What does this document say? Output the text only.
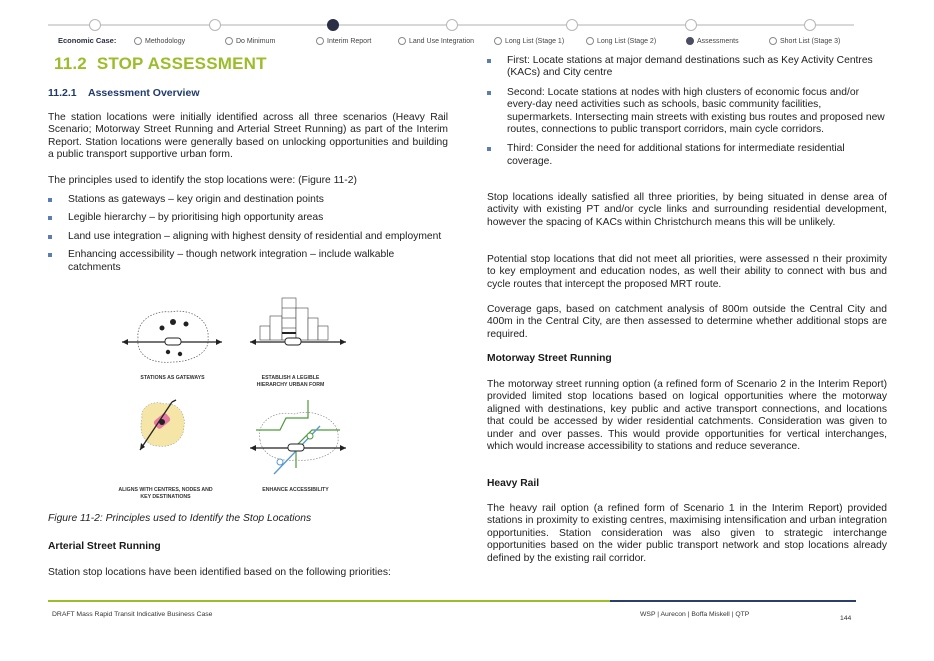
Economic Case:	Methodology	Do Minimum	Interim Report	Land Use Integration	Long List (Stage 1)	Long List (Stage 2)	Assessments	Short List (Stage 3)
11.2 STOP ASSESSMENT
11.2.1 Assessment Overview
The station locations were initially identified across all three scenarios (Heavy Rail Scenario; Motorway Street Running and Arterial Street Running) as part of the Interim Report. Station locations were generally based on unlocking opportunities and building a public transport supportive urban form.
The principles used to identify the stop locations were: (Figure 11-2)
Stations as gateways – key origin and destination points
Legible hierarchy – by prioritising high opportunity areas
Land use integration – aligning with highest density of residential and employment
Enhancing accessibility – though network integration – include walkable catchments
STATIONS AS GATEWAYS	ESTABLISH A LEGIBLE HIERARCHY URBAN FORM
ALIGNS WITH CENTRES, NODES AND KEY DESTINATIONS
ENHANCE ACCESSIBILITY
Figure 11-2: Principles used to Identify the Stop Locations
Arterial Street Running
Station stop locations have been identified based on the following priorities:
First: Locate stations at major demand destinations such as Key Activity Centres (KACs) and City centre
Second: Locate stations at nodes with high clusters of economic focus and/or every-day need activities such as schools, basic community facilities, supermarkets. Intersecting main streets with existing bus routes and proposed new routes, connections to public transport corridors, main cycle corridors.
Third: Consider the need for additional stations for intermediate residential coverage.
Stop locations ideally satisfied all three priorities, by being situated in dense area of activity with existing PT and/or cycle links and surrounding residential development, however the spacing of KACs within Christchurch means this will be unlikely.
Potential stop locations that did not meet all priorities, were assessed n their proximity to key employment and education nodes, as well their ability to connect with bus and cycle routes that intercept the proposed MRT route.
Coverage gaps, based on catchment analysis of 800m outside the Central City and 400m in the Central City, are then assessed to determine whether additional stops are required.
Motorway Street Running
The motorway street running option (a refined form of Scenario 2 in the Interim Report) provided limited stop locations based on logical opportunities where the motorway aligned with destinations, key public and active transport connections, and locations that could be accessed by wider residential catchments. Consideration was given to under and over passes. This would provide opportunities for vertical interchanges, which would increase accessibility to stations and reduce severance.
Heavy Rail
The heavy rail option (a refined form of Scenario 1 in the Interim Report) provided stations in proximity to existing centres, maximising intensification and urban integration opportunities. Station consideration was also given to strategic interchange opportunities based on the wider public transport network and stop locations already defined by the existing rail corridor.
DRAFT Mass Rapid Transit Indicative Business Case	WSP | Aurecon | Boffa Miskell | QTP
144
